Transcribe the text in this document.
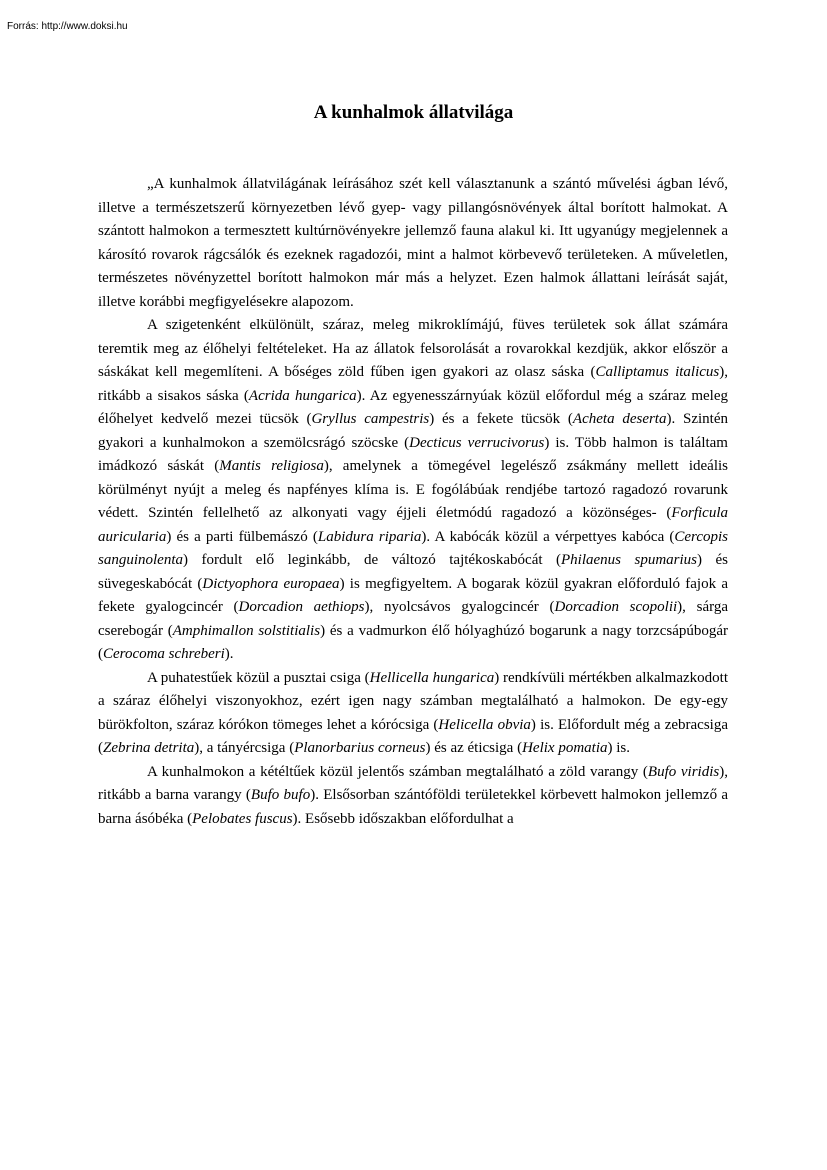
Forrás: http://www.doksi.hu
A kunhalmok állatvilága

„A kunhalmok állatvilágának leírásához szét kell választanunk a szántó művelési ágban lévő, illetve a természetszerű környezetben lévő gyep- vagy pillangósnövények által borított halmokat. A szántott halmokon a termesztett kultúrnövényekre jellemző fauna alakul ki. Itt ugyanúgy megjelennek a károsító rovarok rágcsálók és ezeknek ragadozói, mint a halmot körbevevő területeken. A műveletlen, természetes növényzettel borított halmokon már más a helyzet. Ezen halmok állattani leírását saját, illetve korábbi megfigyelésekre alapozom.

A szigetenként elkülönült, száraz, meleg mikroklímájú, füves területek sok állat számára teremtik meg az élőhelyi feltételeket. Ha az állatok felsorolását a rovarokkal kezdjük, akkor először a sáskákat kell megemlíteni. A bőséges zöld fűben igen gyakori az olasz sáska (Calliptamus italicus), ritkább a sisakos sáska (Acrida hungarica). Az egyenesszárnyúak közül előfordul még a száraz meleg élőhelyet kedvelő mezei tücsök (Gryllus campestris) és a fekete tücsök (Acheta deserta). Szintén gyakori a kunhalmokon a szemölcsrágó szöcske (Decticus verrucivorus) is. Több halmon is találtam imádkozó sáskát (Mantis religiosa), amelynek a tömegével legelésző zsákmány mellett ideális körülményt nyújt a meleg és napfényes klíma is. E fogólábúak rendjébe tartozó ragadozó rovarunk védett. Szintén fellelhető az alkonyati vagy éjjeli életmódú ragadozó a közönséges- (Forficula auricularia) és a parti fülbemászó (Labidura riparia). A kabócák közül a vérpettyes kabóca (Cercopis sanguinolenta) fordult elő leginkább, de változó tajtékoskabócát (Philaenus spumarius) és süvegeskabócát (Dictyophora europaea) is megfigyeltem. A bogarak közül gyakran előforduló fajok a fekete gyalogcincér (Dorcadion aethiops), nyolcsávos gyalogcincér (Dorcadion scopolii), sárga cserebogár (Amphimallon solstitialis) és a vadmurkon élő hólyaghúzó bogarunk a nagy torzcsápúbogár (Cerocoma schreberi).

A puhatestűek közül a pusztai csiga (Hellicella hungarica) rendkívüli mértékben alkalmazkodott a száraz élőhelyi viszonyokhoz, ezért igen nagy számban megtalálható a halmokon. De egy-egy bürökfolton, száraz kórókon tömeges lehet a kórócsiga (Helicella obvia) is. Előfordult még a zebracsiga (Zebrina detrita), a tányércsiga (Planorbarius corneus) és az éticsiga (Helix pomatia) is.

A kunhalmokon a kétéltűek közül jelentős számban megtalálható a zöld varangy (Bufo viridis), ritkább a barna varangy (Bufo bufo). Elsősorban szántóföldi területekkel körbevett halmokon jellemző a barna ásóbéka (Pelobates fuscus). Esősebb időszakban előfordulhat a
